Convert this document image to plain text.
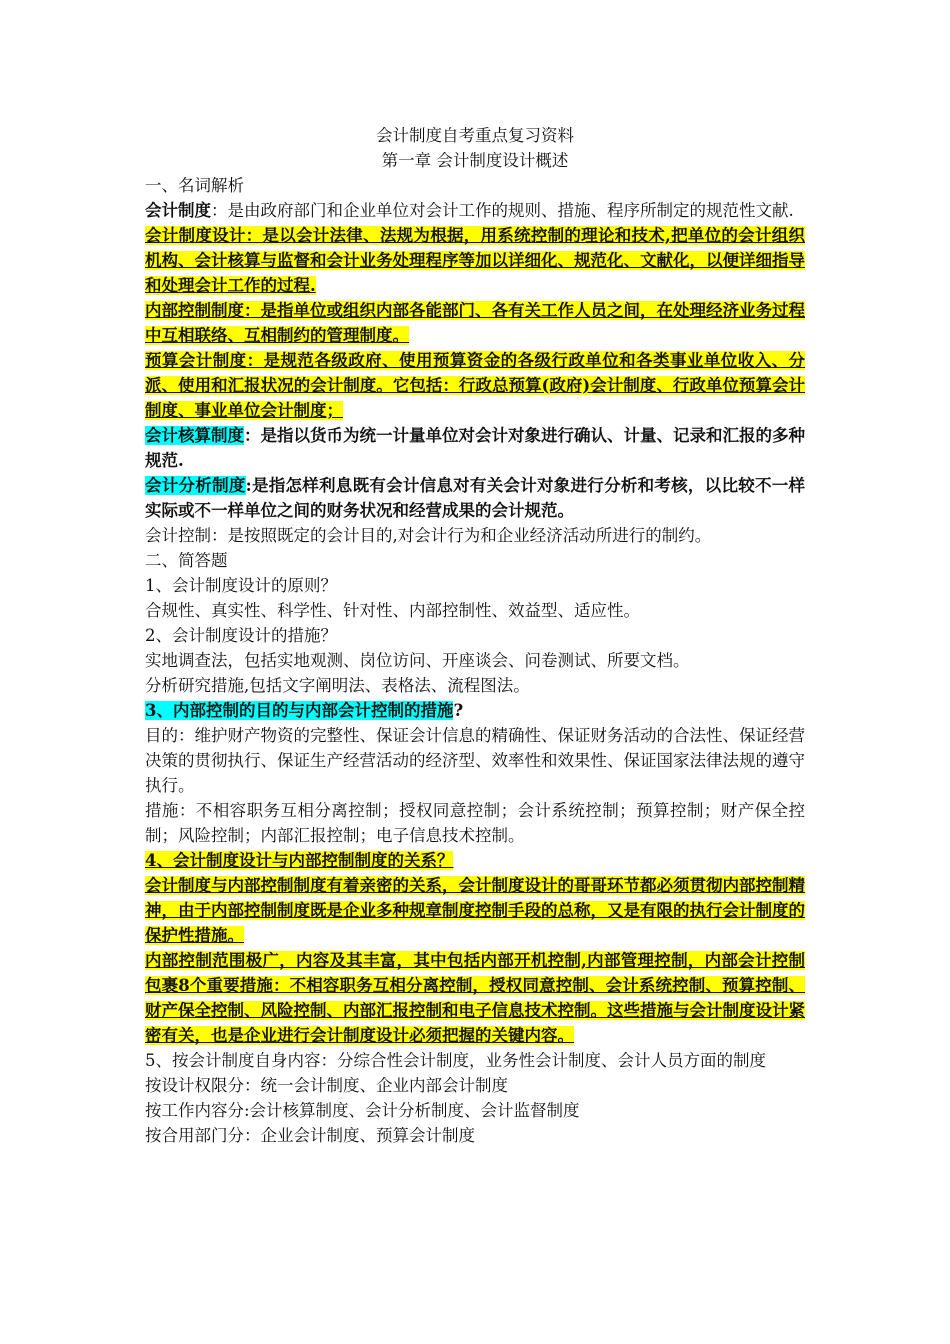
会计制度自考重点复习资料
第一章 会计制度设计概述
一、名词解析
会计制度：是由政府部门和企业单位对会计工作的规则、措施、程序所制定的规范性文献.
会计制度设计：是以会计法律、法规为根据，用系统控制的理论和技术,把单位的会计组织机构、会计核算与监督和会计业务处理程序等加以详细化、规范化、文献化，以便详细指导和处理会计工作的过程.
内部控制制度：是指单位或组织内部各能部门、各有关工作人员之间，在处理经济业务过程中互相联络、互相制约的管理制度。
预算会计制度：是规范各级政府、使用预算资金的各级行政单位和各类事业单位收入、分派、使用和汇报状况的会计制度。它包括：行政总预算(政府)会计制度、行政单位预算会计制度、事业单位会计制度；
会计核算制度：是指以货币为统一计量单位对会计对象进行确认、计量、记录和汇报的多种规范.
会计分析制度:是指怎样利息既有会计信息对有关会计对象进行分析和考核，以比较不一样实际或不一样单位之间的财务状况和经营成果的会计规范。
会计控制：是按照既定的会计目的,对会计行为和企业经济活动所进行的制约。
二、简答题
1、会计制度设计的原则？
合规性、真实性、科学性、针对性、内部控制性、效益型、适应性。
2、会计制度设计的措施？
实地调查法，包括实地观测、岗位访问、开座谈会、问卷测试、所要文档。
分析研究措施,包括文字阐明法、表格法、流程图法。
3、内部控制的目的与内部会计控制的措施?
目的：维护财产物资的完整性、保证会计信息的精确性、保证财务活动的合法性、保证经营决策的贯彻执行、保证生产经营活动的经济型、效率性和效果性、保证国家法律法规的遵守执行。
措施：不相容职务互相分离控制；授权同意控制；会计系统控制；预算控制；财产保全控制；风险控制；内部汇报控制；电子信息技术控制。
4、会计制度设计与内部控制制度的关系？
会计制度与内部控制制度有着亲密的关系，会计制度设计的哥哥环节都必须贯彻内部控制精神，由于内部控制制度既是企业多种规章制度控制手段的总称，又是有限的执行会计制度的保护性措施。
内部控制范围极广，内容及其丰富，其中包括内部开机控制,内部管理控制，内部会计控制包裹8个重要措施：不相容职务互相分离控制，授权同意控制、会计系统控制、预算控制、财产保全控制、风险控制、内部汇报控制和电子信息技术控制。这些措施与会计制度设计紧密有关，也是企业进行会计制度设计必须把握的关键内容。
5、按会计制度自身内容：分综合性会计制度，业务性会计制度、会计人员方面的制度
按设计权限分：统一会计制度、企业内部会计制度
按工作内容分:会计核算制度、会计分析制度、会计监督制度
按合用部门分：企业会计制度、预算会计制度
